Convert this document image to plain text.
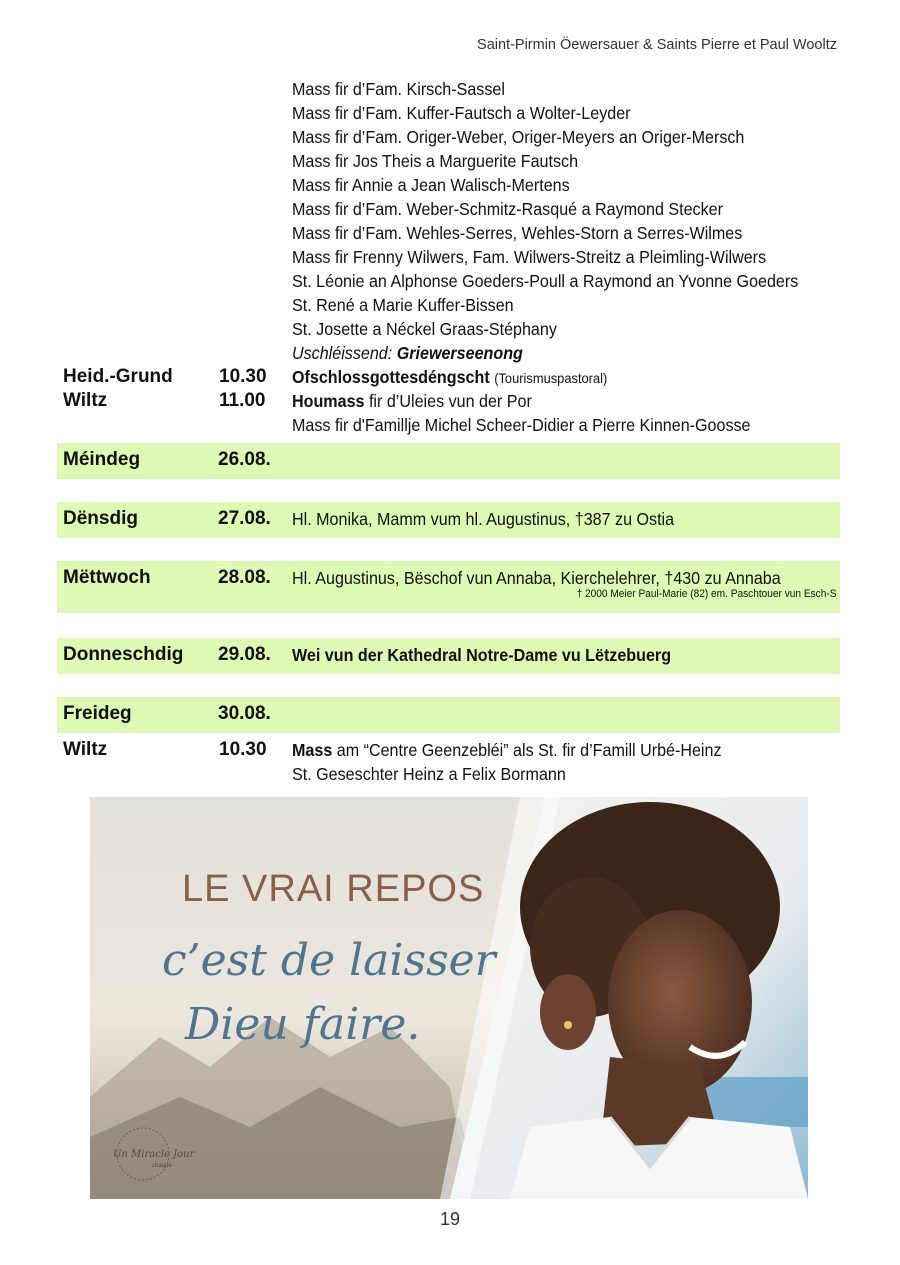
Saint-Pirmin Öewersauer & Saints Pierre et Paul Wooltz
Mass fir d’Fam. Kirsch-Sassel
Mass fir d’Fam. Kuffer-Fautsch a Wolter-Leyder
Mass fir d’Fam. Origer-Weber, Origer-Meyers an Origer-Mersch
Mass fir Jos Theis a Marguerite Fautsch
Mass fir Annie a Jean Walisch-Mertens
Mass fir d’Fam. Weber-Schmitz-Rasqué a Raymond Stecker
Mass fir d’Fam. Wehles-Serres, Wehles-Storn a Serres-Wilmes
Mass fir Frenny Wilwers, Fam. Wilwers-Streitz a Pleimling-Wilwers
St. Léonie an Alphonse Goeders-Poull a Raymond an Yvonne Goeders
St. René a Marie Kuffer-Bissen
St. Josette a Néckel Graas-Stéphany
Uschléissend: Griewerseenong
Heid.-Grund 10.30 Ofschlossgottesdéngscht (Tourismuspastoral)
Wiltz	11.00 Houmass fir d’Uleies vun der Por
Mass fir d'Famillje Michel Scheer-Didier a Pierre Kinnen-Goosse
Méindeg	26.08.
Dënsdig	27.08. Hl. Monika, Mamm vum hl. Augustinus, †387 zu Ostia
Mëttwoch	28.08. Hl. Augustinus, Bëschof vun Annaba, Kierchelehrer, †430 zu Annaba
† 2000 Meier Paul-Marie (82) em. Paschtouer vun Esch-S
Donneschdig 29.08. Wei vun der Kathedral Notre-Dame vu Lëtzebuerg
Freideg	30.08.
Wiltz	10.30 Mass am “Centre Geenzebléi” als St. fir d’Famill Urbé-Heinz
St. Geseschter Heinz a Felix Bormann
LE VRAI REPOS
c’est de laisser
Dieu faire.
Un Miracle Jour
chaque
19
